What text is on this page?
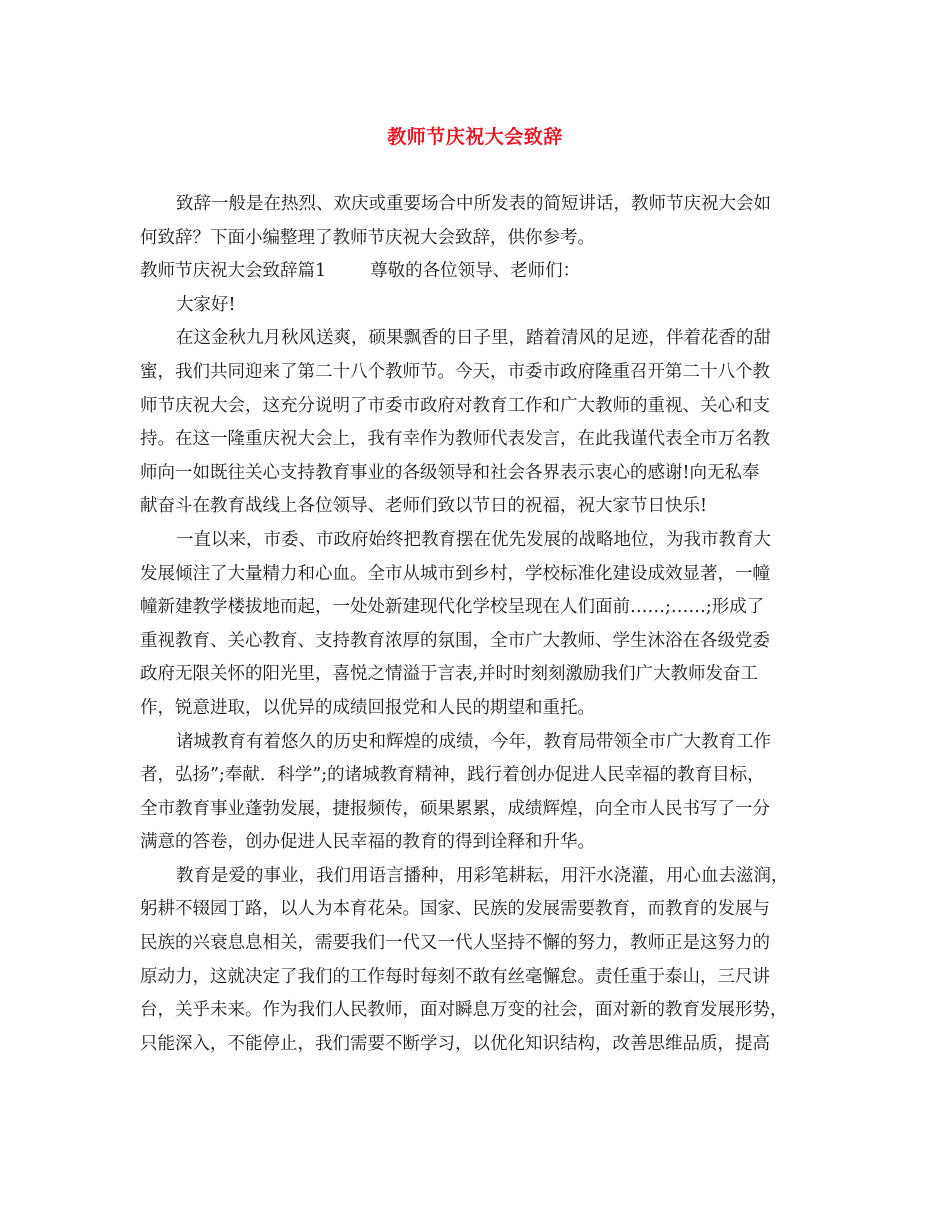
教师节庆祝大会致辞
致辞一般是在热烈、欢庆或重要场合中所发表的简短讲话，教师节庆祝大会如
何致辞？下面小编整理了教师节庆祝大会致辞，供你参考。
教师节庆祝大会致辞篇1	尊敬的各位领导、老师们：
大家好!
在这金秋九月秋风送爽，硕果飘香的日子里，踏着清风的足迹，伴着花香的甜
蜜，我们共同迎来了第二十八个教师节。今天，市委市政府隆重召开第二十八个教
师节庆祝大会，这充分说明了市委市政府对教育工作和广大教师的重视、关心和支
持。在这一隆重庆祝大会上，我有幸作为教师代表发言，在此我谨代表全市万名教
师向一如既往关心支持教育事业的各级领导和社会各界表示衷心的感谢!向无私奉
献奋斗在教育战线上各位领导、老师们致以节日的祝福，祝大家节日快乐!
一直以来，市委、市政府始终把教育摆在优先发展的战略地位，为我市教育大
发展倾注了大量精力和心血。全市从城市到乡村，学校标准化建设成效显著，一幢
幢新建教学楼拔地而起，一处处新建现代化学校呈现在人们面前……;……;形成了
重视教育、关心教育、支持教育浓厚的氛围，全市广大教师、学生沐浴在各级党委
政府无限关怀的阳光里，喜悦之情溢于言表,并时时刻刻激励我们广大教师发奋工
作，锐意进取，以优异的成绩回报党和人民的期望和重托。
诸城教育有着悠久的历史和辉煌的成绩，今年，教育局带领全市广大教育工作
者，弘扬”;奉献．科学”;的诸城教育精神，践行着创办促进人民幸福的教育目标，
全市教育事业蓬勃发展，捷报频传，硕果累累，成绩辉煌，向全市人民书写了一分
满意的答卷，创办促进人民幸福的教育的得到诠释和升华。
教育是爱的事业，我们用语言播种，用彩笔耕耘，用汗水浇灌，用心血去滋润，
躬耕不辍园丁路，以人为本育花朵。国家、民族的发展需要教育，而教育的发展与
民族的兴衰息息相关，需要我们一代又一代人坚持不懈的努力，教师正是这努力的
原动力，这就决定了我们的工作每时每刻不敢有丝毫懈怠。责任重于泰山，三尺讲
台，关乎未来。作为我们人民教师，面对瞬息万变的社会，面对新的教育发展形势，
只能深入，不能停止，我们需要不断学习，以优化知识结构，改善思维品质，提高
